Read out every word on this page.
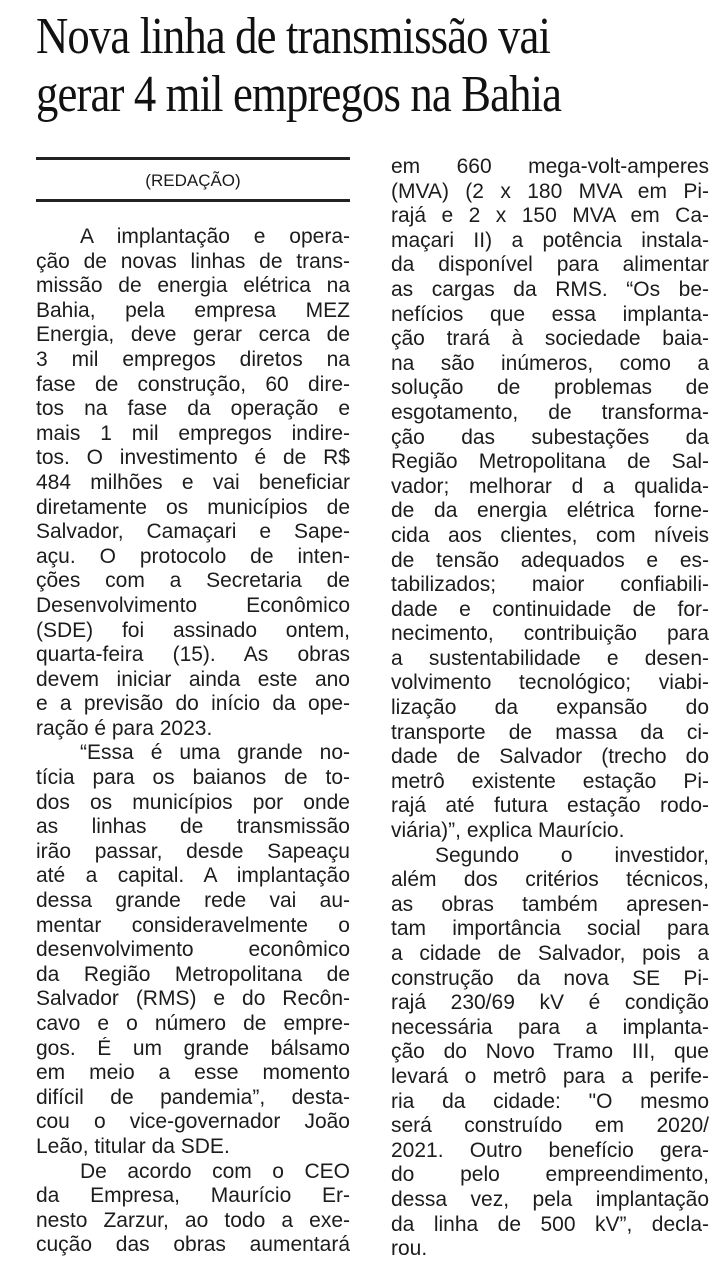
Nova linha de transmissão vai
gerar 4 mil empregos na Bahia
(REDAÇÃO)
A implantação e opera-
ção de novas linhas de trans-
missão de energia elétrica na
Bahia, pela empresa MEZ
Energia, deve gerar cerca de
3 mil empregos diretos na
fase de construção, 60 dire-
tos na fase da operação e
mais 1 mil empregos indire-
tos. O investimento é de R$
484 milhões e vai beneficiar
diretamente os municípios de
Salvador, Camaçari e Sape-
açu. O protocolo de inten-
ções com a Secretaria de
Desenvolvimento Econômico
(SDE) foi assinado ontem,
quarta-feira (15). As obras
devem iniciar ainda este ano
e a previsão do início da ope-
ração é para 2023.
“Essa é uma grande no-
tícia para os baianos de to-
dos os municípios por onde
as linhas de transmissão
irão passar, desde Sapeaçu
até a capital. A implantação
dessa grande rede vai au-
mentar consideravelmente o
desenvolvimento econômico
da Região Metropolitana de
Salvador (RMS) e do Recôn-
cavo e o número de empre-
gos. É um grande bálsamo
em meio a esse momento
difícil de pandemia”, desta-
cou o vice-governador João
Leão, titular da SDE.
De acordo com o CEO
da Empresa, Maurício Er-
nesto Zarzur, ao todo a exe-
cução das obras aumentará
em 660 mega-volt-amperes
(MVA) (2 x 180 MVA em Pi-
rajá e 2 x 150 MVA em Ca-
maçari II) a potência instala-
da disponível para alimentar
as cargas da RMS. “Os be-
nefícios que essa implanta-
ção trará à sociedade baia-
na são inúmeros, como a
solução de problemas de
esgotamento, de transforma-
ção das subestações da
Região Metropolitana de Sal-
vador; melhorar d a qualida-
de da energia elétrica forne-
cida aos clientes, com níveis
de tensão adequados e es-
tabilizados; maior confiabili-
dade e continuidade de for-
necimento, contribuição para
a sustentabilidade e desen-
volvimento tecnológico; viabi-
lização da expansão do
transporte de massa da ci-
dade de Salvador (trecho do
metrô existente estação Pi-
rajá até futura estação rodo-
viária)”, explica Maurício.
Segundo o investidor,
além dos critérios técnicos,
as obras também apresen-
tam importância social para
a cidade de Salvador, pois a
construção da nova SE Pi-
rajá 230/69 kV é condição
necessária para a implanta-
ção do Novo Tramo III, que
levará o metrô para a perife-
ria da cidade: "O mesmo
será construído em 2020/
2021. Outro benefício gera-
do pelo empreendimento,
dessa vez, pela implantação
da linha de 500 kV”, decla-
rou.
